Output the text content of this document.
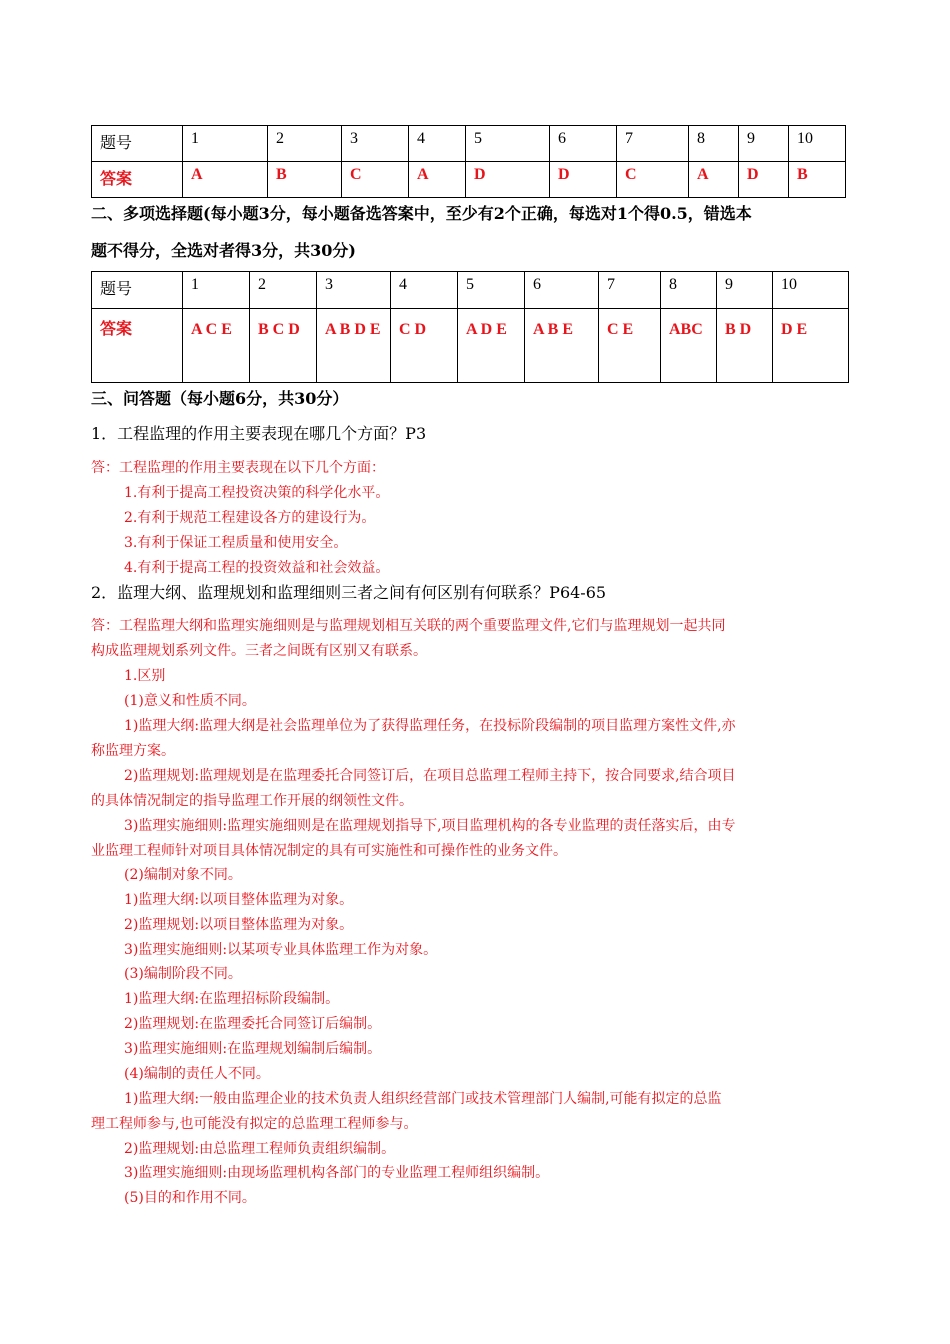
题号	1	2	3	4	5	6	7	8	9	10
答案	A	B	C	A	D	D	C	A	D	B
二、多项选择题(每小题3分，每小题备选答案中，至少有2个正确，每选对1个得0.5，错选本
题不得分，全选对者得3分，共30分)
题号	1	2	3	4	5	6	7	8	9	10
答案	A C E	B C D	A B D E	C D	A D E	A B E	C E	ABC	B D	D E
三、问答题（每小题6分，共30分）
1．工程监理的作用主要表现在哪几个方面？P3
答：工程监理的作用主要表现在以下几个方面：
1.有利于提高工程投资决策的科学化水平。
2.有利于规范工程建设各方的建设行为。
3.有利于保证工程质量和使用安全。
4.有利于提高工程的投资效益和社会效益。
2．监理大纲、监理规划和监理细则三者之间有何区别有何联系？P64-65
答：工程监理大纲和监理实施细则是与监理规划相互关联的两个重要监理文件,它们与监理规划一起共同
构成监理规划系列文件。三者之间既有区别又有联系。
1.区别
(1)意义和性质不同。
1)监理大纲:监理大纲是社会监理单位为了获得监理任务，在投标阶段编制的项目监理方案性文件,亦
称监理方案。
2)监理规划:监理规划是在监理委托合同签订后，在项目总监理工程师主持下，按合同要求,结合项目
的具体情况制定的指导监理工作开展的纲领性文件。
3)监理实施细则:监理实施细则是在监理规划指导下,项目监理机构的各专业监理的责任落实后，由专
业监理工程师针对项目具体情况制定的具有可实施性和可操作性的业务文件。
(2)编制对象不同。
1)监理大纲:以项目整体监理为对象。
2)监理规划:以项目整体监理为对象。
3)监理实施细则:以某项专业具体监理工作为对象。
(3)编制阶段不同。
1)监理大纲:在监理招标阶段编制。
2)监理规划:在监理委托合同签订后编制。
3)监理实施细则:在监理规划编制后编制。
(4)编制的责任人不同。
1)监理大纲:一般由监理企业的技术负责人组织经营部门或技术管理部门人编制,可能有拟定的总监
理工程师参与,也可能没有拟定的总监理工程师参与。
2)监理规划:由总监理工程师负责组织编制。
3)监理实施细则:由现场监理机构各部门的专业监理工程师组织编制。
(5)目的和作用不同。
